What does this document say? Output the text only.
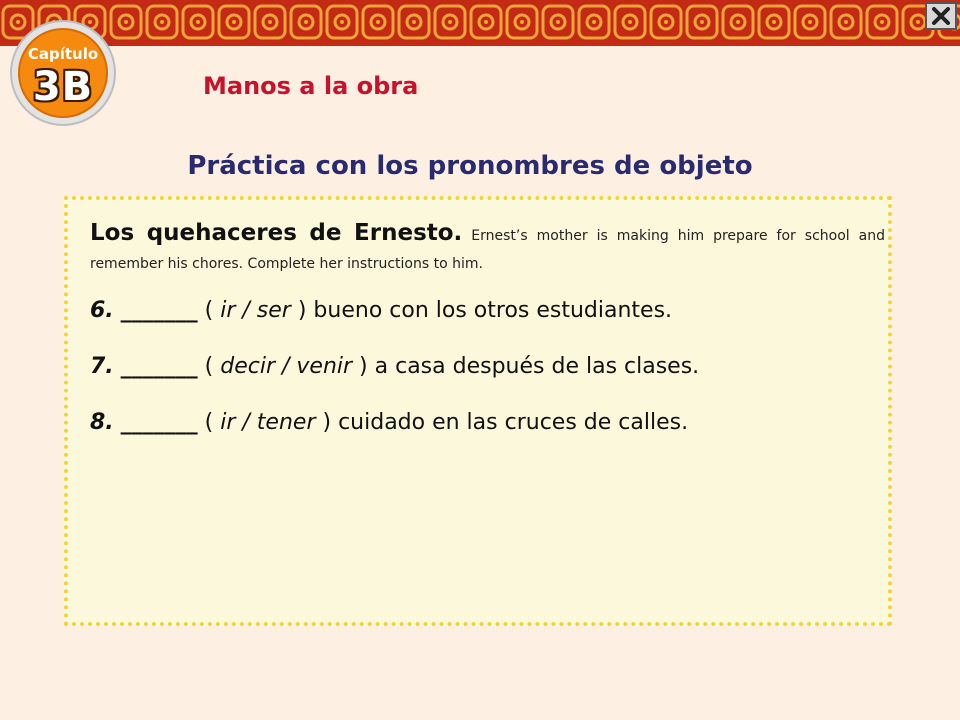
Capítulo
3B	Manos a la obra
Práctica con los pronombres de objeto
Los quehaceres de Ernesto. Ernest’s mother is making him prepare for school and remember his chores. Complete her instructions to him.
6. _______ ( ir / ser ) bueno con los otros estudiantes.
7. _______ ( decir / venir ) a casa después de las clases.
8. _______ ( ir / tener ) cuidado en las cruces de calles.
